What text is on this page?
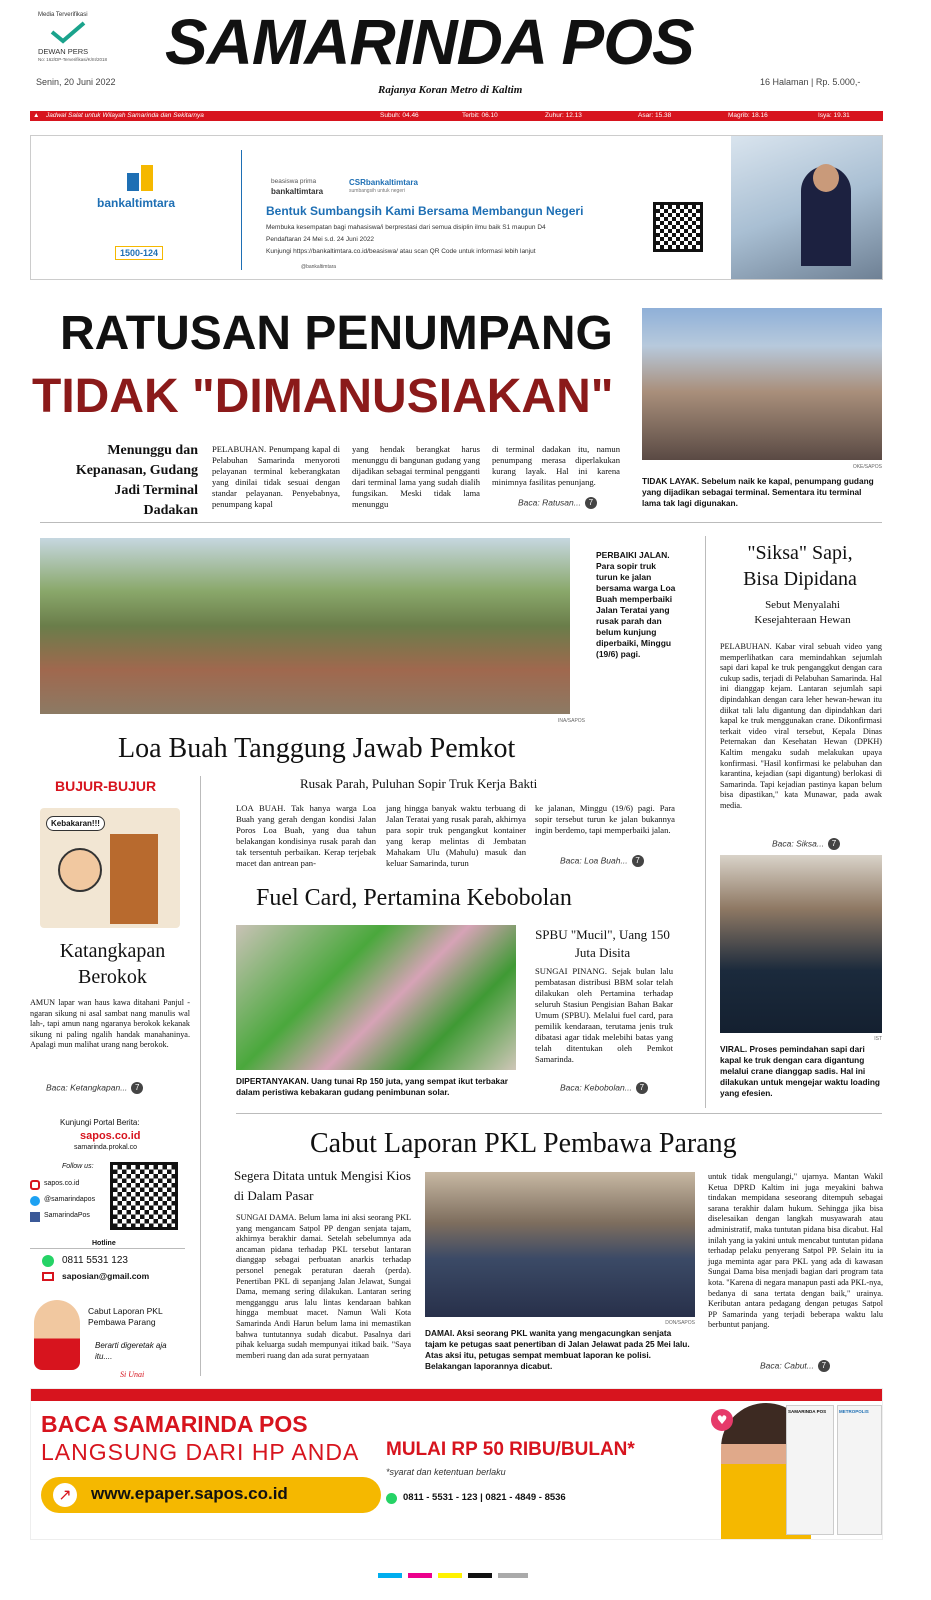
Media Terverifikasi
DEWAN PERS
No: 162/DP-Terverifikasi/K/III/2018 SAMARINDA POS
Rajanya Koran Metro di Kaltim
Senin, 20 Juni 2022	16 Halaman | Rp. 5.000,-
▲ Jadwal Salat untuk Wilayah Samarinda dan Sekitarnya	Subuh: 04.46	Terbit: 06.10	Zuhur: 12.13	Asar: 15.38	Magrib: 18.16	Isya: 19.31
bankaltimtara
1500-124
beasiswa prima
bankaltimtara
CSRbankaltimtara
sumbangsih untuk negeri
Bentuk Sumbangsih Kami Bersama Membangun Negeri
Membuka kesempatan bagi mahasiswa/i berprestasi dari semua disiplin ilmu baik S1 maupun D4
Pendaftaran 24 Mei s.d. 24 Juni 2022
Kunjungi https://bankaltimtara.co.id/beasiswa/ atau scan QR Code untuk informasi lebih lanjut
@bankaltimtara
RATUSAN PENUMPANG
TIDAK "DIMANUSIAKAN"
Menunggu dan Kepanasan, Gudang Jadi Terminal Dadakan
PELABUHAN. Penumpang kapal di Pelabuhan Samarinda menyoroti pelayanan terminal keberangkatan yang dinilai tidak sesuai dengan standar pelayanan. Penyebabnya, penumpang kapal
yang hendak berangkat harus menunggu di bangunan gudang yang dijadikan sebagai terminal pengganti dari terminal lama yang sudah dialih fungsikan. Meski tidak lama menunggu
di terminal dadakan itu, namun penumpang merasa diperlakukan kurang layak. Hal ini karena minimnya fasilitas penunjang.
Baca: Ratusan... 7
OKE/SAPOS
TIDAK LAYAK. Sebelum naik ke kapal, penumpang gudang yang dijadikan sebagai terminal. Sementara itu terminal lama tak lagi digunakan.
PERBAIKI JALAN. Para sopir truk turun ke jalan bersama warga Loa Buah memperbaiki Jalan Teratai yang rusak parah dan belum kunjung diperbaiki, Minggu (19/6) pagi.
INA/SAPOS
"Siksa" Sapi,
Bisa Dipidana
Sebut Menyalahi Kesejahteraan Hewan
PELABUHAN. Kabar viral sebuah video yang memperlihatkan cara memindahkan sejumlah sapi dari kapal ke truk penganggkut dengan cara cukup sadis, terjadi di Pelabuhan Samarinda. Hal ini dianggap kejam. Lantaran sejumlah sapi dipindahkan dengan cara leher hewan-hewan itu diikat tali lalu digantung dan dipindahkan dari kapal ke truk menggunakan crane. Dikonfirmasi terkait video viral tersebut, Kepala Dinas Peternakan dan Kesehatan Hewan (DPKH) Kaltim mengaku sudah melakukan upaya konfirmasi. "Hasil konfirmasi ke pelabuhan dan karantina, kejadian (sapi digantung) berlokasi di Samarinda. Tapi kejadian pastinya kapan belum bisa dipastikan," kata Munawar, pada awak media.
Baca: Siksa... 7
IST
VIRAL. Proses pemindahan sapi dari kapal ke truk dengan cara digantung melalui crane dianggap sadis. Hal ini dilakukan untuk mengejar waktu loading yang efesien.
Loa Buah Tanggung Jawab Pemkot
Rusak Parah, Puluhan Sopir Truk Kerja Bakti
LOA BUAH. Tak hanya warga Loa Buah yang gerah dengan kondisi Jalan Poros Loa Buah, yang dua tahun belakangan kondisinya rusak parah dan tak tersentuh perbaikan. Kerap terjebak macet dan antrean pan-
jang hingga banyak waktu terbuang di Jalan Teratai yang rusak parah, akhirnya para sopir truk pengangkut kontainer yang kerap melintas di Jembatan Mahakam Ulu (Mahulu) masuk dan keluar Samarinda, turun
ke jalanan, Minggu (19/6) pagi. Para sopir tersebut turun ke jalan bukannya ingin berdemo, tapi memperbaiki jalan.
Baca: Loa Buah... 7
BUJUR-BUJUR
Kebakaran!!!
Katangkapan Berokok
AMUN lapar wan haus kawa ditahani Panjul -ngaran sikung ni asal sambat nang manulis wal lah-, tapi amun nang ngaranya berokok kekanak sikung ni paling ngalih handak manahaninya. Apalagi mun malihat urang nang berokok.
Baca: Ketangkapan... 7
Fuel Card, Pertamina Kebobolan
SPBU "Mucil", Uang 150 Juta Disita
SUNGAI PINANG. Sejak bulan lalu pembatasan distribusi BBM solar telah dilakukan oleh Pertamina terhadap seluruh Stasiun Pengisian Bahan Bakar Umum (SPBU). Melalui fuel card, para pemilik kendaraan, terutama jenis truk dibatasi agar tidak melebihi batas yang telah ditentukan oleh Pemkot Samarinda.
DIPERTANYAKAN. Uang tunai Rp 150 juta, yang sempat ikut terbakar dalam peristiwa kebakaran gudang penimbunan solar.	Baca: Kebobolan... 7
Kunjungi Portal Berita:
sapos.co.id
samarinda.prokal.co
Follow us:
sapos.co.id
@samarindapos
SamarindaPos
Hotline
0811 5531 123
saposian@gmail.com
Cabut Laporan PKL Pembawa Parang
Berarti digeretak aja itu....
Si Unai
Cabut Laporan PKL Pembawa Parang
Segera Ditata untuk Mengisi Kios di Dalam Pasar
SUNGAI DAMA. Belum lama ini aksi seorang PKL yang mengancam Satpol PP dengan senjata tajam, akhirnya berakhir damai. Setelah sebelumnya ada ancaman pidana terhadap PKL tersebut lantaran dianggap sebagai perbuatan anarkis terhadap personel penegak peraturan daerah (perda). Penertiban PKL di sepanjang Jalan Jelawat, Sungai Dama, memang sering dilakukan. Lantaran sering mengganggu arus lalu lintas kendaraan bahkan hingga membuat macet. Namun Wali Kota Samarinda Andi Harun belum lama ini memastikan bahwa tuntutannya sudah dicabut. Pasalnya dari pihak keluarga sudah mempunyai itikad baik. "Saya memberi ruang dan ada surat pernyataan
DON/SAPOS
DAMAI. Aksi seorang PKL wanita yang mengacungkan senjata tajam ke petugas saat penertiban di Jalan Jelawat pada 25 Mei lalu. Atas aksi itu, petugas sempat membuat laporan ke polisi. Belakangan laporannya dicabut.
untuk tidak mengulangi," ujarnya. Mantan Wakil Ketua DPRD Kaltim ini juga meyakini bahwa tindakan mempidana seseorang ditempuh sebagai sarana terakhir dalam hukum. Sehingga jika bisa diselesaikan dengan langkah musyawarah atau administratif, maka tuntutan pidana bisa dicabut. Hal inilah yang ia yakini untuk mencabut tuntutan pidana terhadap pelaku penyerang Satpol PP. Selain itu ia juga meminta agar para PKL yang ada di kawasan Sungai Dama bisa menjadi bagian dari program tata kota. "Karena di negara manapun pasti ada PKL-nya, bedanya di sana tertata dengan baik," urainya. Keributan antara pedagang dengan petugas Satpol PP Samarinda yang terjadi beberapa waktu lalu berbuntut panjang.
Baca: Cabut... 7
BACA SAMARINDA POS
LANGSUNG DARI HP ANDA
↗	www.epaper.sapos.co.id
MULAI RP 50 RIBU/BULAN*
*syarat dan ketentuan berlaku
0811 - 5531 - 123 | 0821 - 4849 - 8536
♥
SAMARINDA POS	METROPOLIS
